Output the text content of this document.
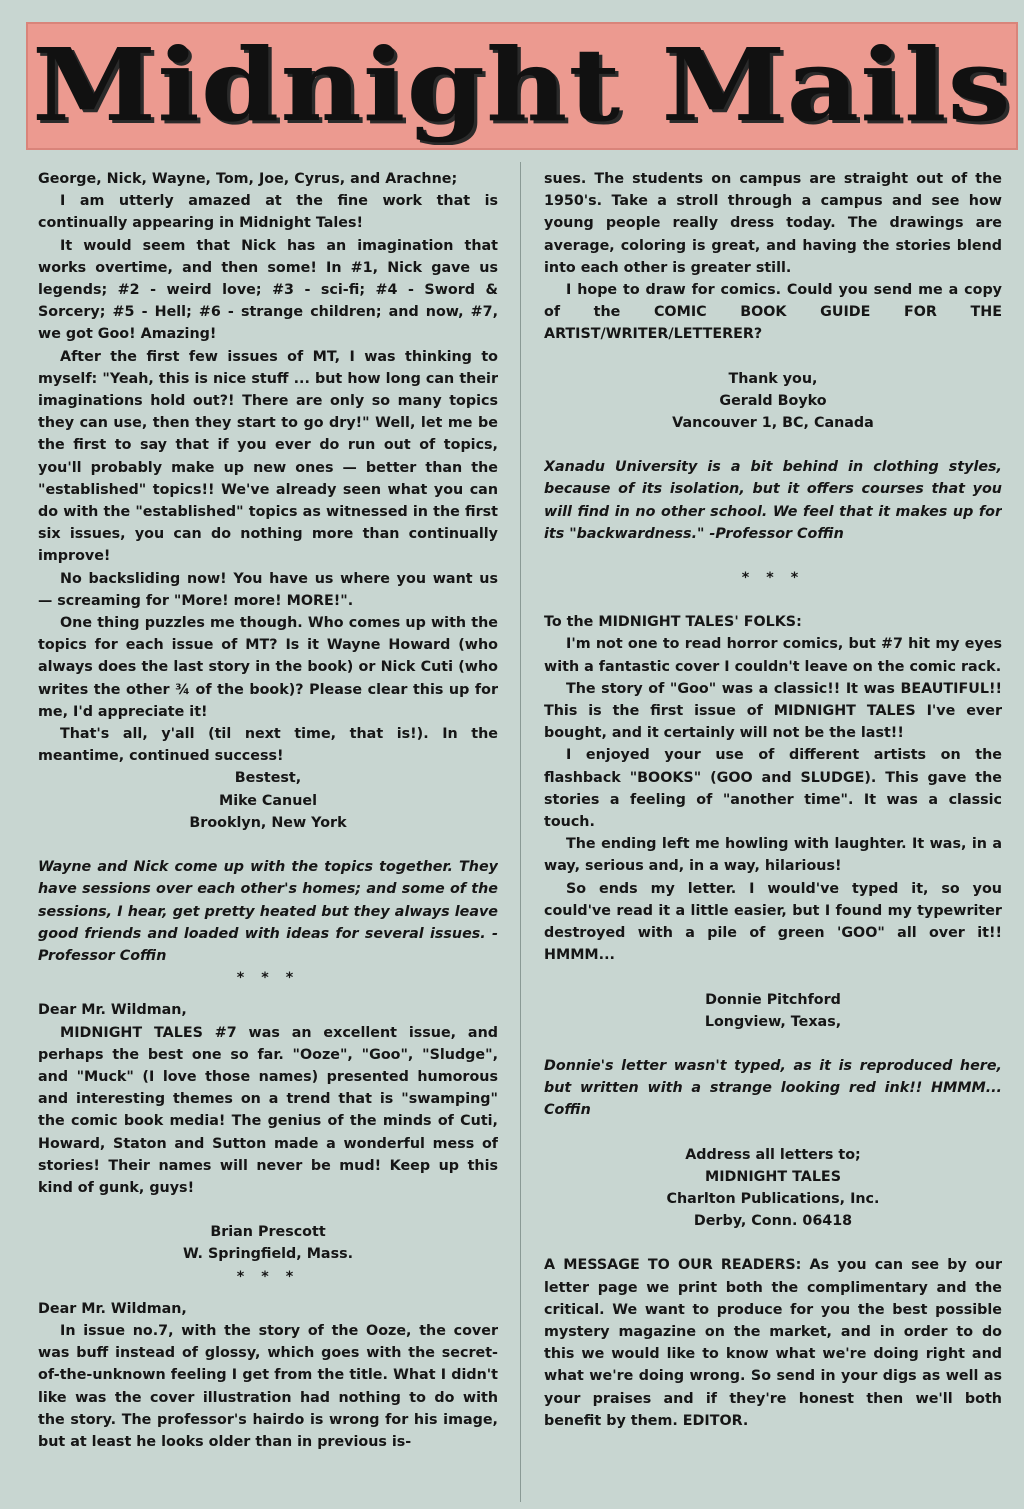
Midnight Mails

George, Nick, Wayne, Tom, Joe, Cyrus, and Arachne;

I am utterly amazed at the fine work that is continually appearing in Midnight Tales!

It would seem that Nick has an imagination that works overtime, and then some! In #1, Nick gave us legends; #2 - weird love; #3 - sci-fi; #4 - Sword & Sorcery; #5 - Hell; #6 - strange children; and now, #7, we got Goo! Amazing!

After the first few issues of MT, I was thinking to myself: "Yeah, this is nice stuff ... but how long can their imaginations hold out?! There are only so many topics they can use, then they start to go dry!" Well, let me be the first to say that if you ever do run out of topics, you'll probably make up new ones — better than the "established" topics!! We've already seen what you can do with the "established" topics as witnessed in the first six issues, you can do nothing more than continually improve!

No backsliding now! You have us where you want us — screaming for "More! more! MORE!".

One thing puzzles me though. Who comes up with the topics for each issue of MT? Is it Wayne Howard (who always does the last story in the book) or Nick Cuti (who writes the other ¾ of the book)? Please clear this up for me, I'd appreciate it!

That's all, y'all (til next time, that is!). In the meantime, continued success!

Bestest,

Mike Canuel

Brooklyn, New York

Wayne and Nick come up with the topics together. They have sessions over each other's homes; and some of the sessions, I hear, get pretty heated but they always leave good friends and loaded with ideas for several issues. -Professor Coffin

* * *

Dear Mr. Wildman,

MIDNIGHT TALES #7 was an excellent issue, and perhaps the best one so far. "Ooze", "Goo", "Sludge", and "Muck" (I love those names) presented humorous and interesting themes on a trend that is "swamping" the comic book media! The genius of the minds of Cuti, Howard, Staton and Sutton made a wonderful mess of stories! Their names will never be mud! Keep up this kind of gunk, guys!

Brian Prescott

W. Springfield, Mass.

* * *

Dear Mr. Wildman,

In issue no.7, with the story of the Ooze, the cover was buff instead of glossy, which goes with the secret-of-the-unknown feeling I get from the title. What I didn't like was the cover illustration had nothing to do with the story. The professor's hairdo is wrong for his image, but at least he looks older than in previous is-

sues. The students on campus are straight out of the 1950's. Take a stroll through a campus and see how young people really dress today. The drawings are average, coloring is great, and having the stories blend into each other is greater still.

I hope to draw for comics. Could you send me a copy of the COMIC BOOK GUIDE FOR THE ARTIST/WRITER/LETTERER?

Thank you,

Gerald Boyko

Vancouver 1, BC, Canada

Xanadu University is a bit behind in clothing styles, because of its isolation, but it offers courses that you will find in no other school. We feel that it makes up for its "backwardness." -Professor Coffin

* * *

To the MIDNIGHT TALES' FOLKS:

I'm not one to read horror comics, but #7 hit my eyes with a fantastic cover I couldn't leave on the comic rack.

The story of "Goo" was a classic!! It was BEAUTIFUL!! This is the first issue of MIDNIGHT TALES I've ever bought, and it certainly will not be the last!!

I enjoyed your use of different artists on the flashback "BOOKS" (GOO and SLUDGE). This gave the stories a feeling of "another time". It was a classic touch.

The ending left me howling with laughter. It was, in a way, serious and, in a way, hilarious!

So ends my letter. I would've typed it, so you could've read it a little easier, but I found my typewriter destroyed with a pile of green 'GOO" all over it!! HMMM...

Donnie Pitchford

Longview, Texas,

Donnie's letter wasn't typed, as it is reproduced here, but written with a strange looking red ink!! HMMM... Coffin

Address all letters to;

MIDNIGHT TALES

Charlton Publications, Inc.

Derby, Conn. 06418

A MESSAGE TO OUR READERS: As you can see by our letter page we print both the complimentary and the critical. We want to produce for you the best possible mystery magazine on the market, and in order to do this we would like to know what we're doing right and what we're doing wrong. So send in your digs as well as your praises and if they're honest then we'll both benefit by them. EDITOR.
